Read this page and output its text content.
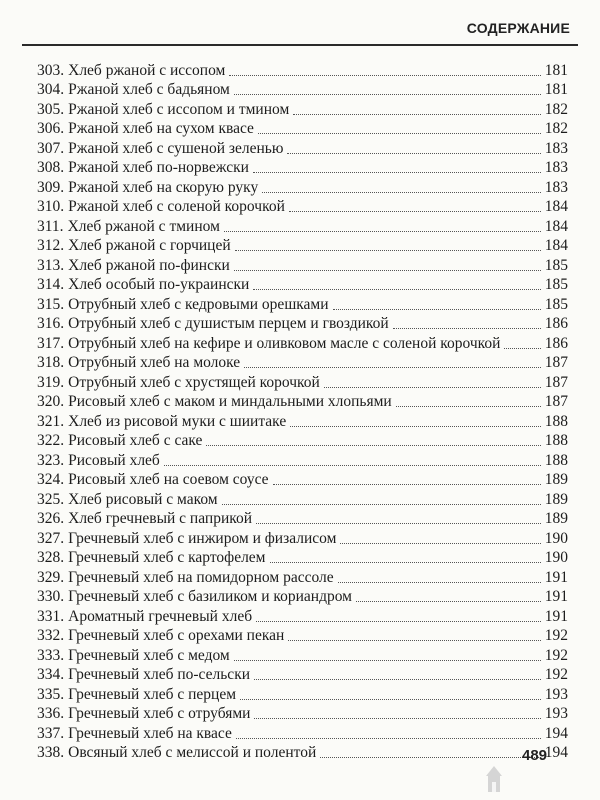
СОДЕРЖАНИЕ
303. Хлеб ржаной с иссопом	181
304. Ржаной хлеб с бадьяном	181
305. Ржаной хлеб с иссопом и тмином	182
306. Ржаной хлеб на сухом квасе	182
307. Ржаной хлеб с сушеной зеленью	183
308. Ржаной хлеб по-норвежски	183
309. Ржаной хлеб на скорую руку	183
310. Ржаной хлеб с соленой корочкой	184
311. Хлеб ржаной с тмином	184
312. Хлеб ржаной с горчицей	184
313. Хлеб ржаной по-фински	185
314. Хлеб особый по-украински	185
315. Отрубный хлеб с кедровыми орешками	185
316. Отрубный хлеб с душистым перцем и гвоздикой	186
317. Отрубный хлеб на кефире и оливковом масле с соленой корочкой	186
318. Отрубный хлеб на молоке	187
319. Отрубный хлеб с хрустящей корочкой	187
320. Рисовый хлеб с маком и миндальными хлопьями	187
321. Хлеб из рисовой муки с шиитаке	188
322. Рисовый хлеб с саке	188
323. Рисовый хлеб	188
324. Рисовый хлеб на соевом соусе	189
325. Хлеб рисовый с маком	189
326. Хлеб гречневый с паприкой	189
327. Гречневый хлеб с инжиром и физалисом	190
328. Гречневый хлеб с картофелем	190
329. Гречневый хлеб на помидорном рассоле	191
330. Гречневый хлеб с базиликом и кориандром	191
331. Ароматный гречневый хлеб	191
332. Гречневый хлеб с орехами пекан	192
333. Гречневый хлеб с медом	192
334. Гречневый хлеб по-сельски	192
335. Гречневый хлеб с перцем	193
336. Гречневый хлеб с отрубями	193
337. Гречневый хлеб на квасе	194
338. Овсяный хлеб с мелиссой и полентой	194
489
